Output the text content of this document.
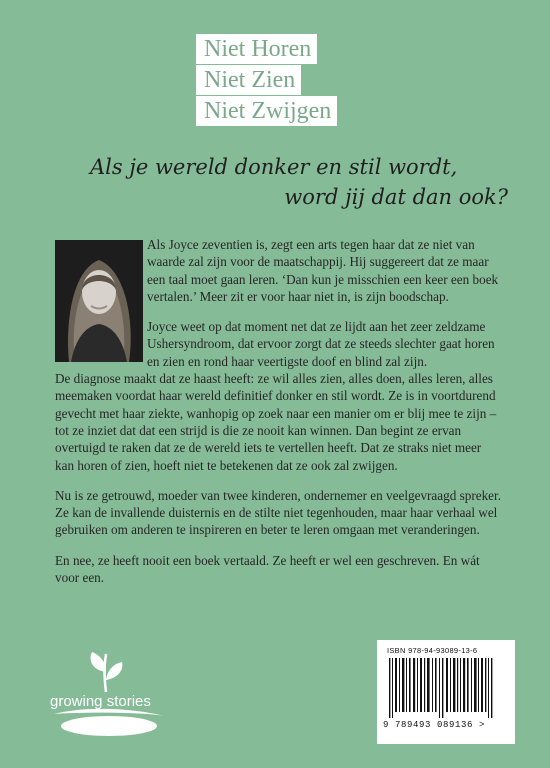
Niet Horen
Niet Zien
Niet Zwijgen
Als je wereld donker en stil wordt,
word jij dat dan ook?

Als Joyce zeventien is, zegt een arts tegen haar dat ze niet van waarde zal zijn voor de maatschappij. Hij suggereert dat ze maar een taal moet gaan leren. ‘Dan kun je misschien een keer een boek vertalen.’ Meer zit er voor haar niet in, is zijn boodschap.

Joyce weet op dat moment net dat ze lijdt aan het zeer zeldzame Ushersyndroom, dat ervoor zorgt dat ze steeds slechter gaat horen en zien en rond haar veertigste doof en blind zal zijn.
De diagnose maakt dat ze haast heeft: ze wil alles zien, alles doen, alles leren, alles meemaken voordat haar wereld definitief donker en stil wordt. Ze is in voortdurend gevecht met haar ziekte, wanhopig op zoek naar een manier om er blij mee te zijn – tot ze inziet dat dat een strijd is die ze nooit kan winnen. Dan begint ze ervan overtuigd te raken dat ze de wereld iets te vertellen heeft. Dat ze straks niet meer kan horen of zien, hoeft niet te betekenen dat ze ook zal zwijgen.

Nu is ze getrouwd, moeder van twee kinderen, ondernemer en veelgevraagd spreker. Ze kan de invallende duisternis en de stilte niet tegenhouden, maar haar verhaal wel gebruiken om anderen te inspireren en beter te leren omgaan met veranderingen.

En nee, ze heeft nooit een boek vertaald. Ze heeft er wel een geschreven. En wát voor een.

growing stories
ISBN 978-94-93089-13-6
9 789493 089136 >
